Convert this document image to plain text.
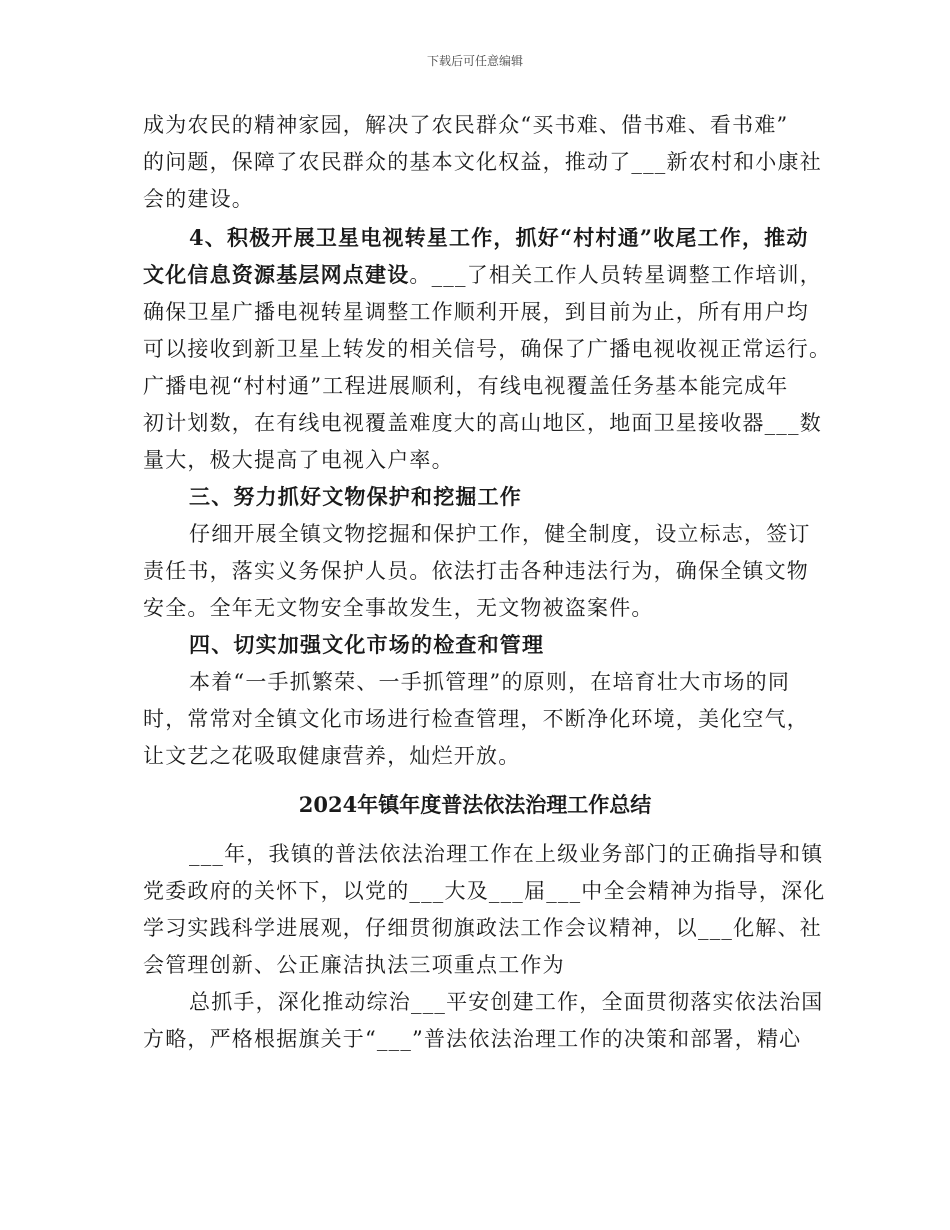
下载后可任意编辑
成为农民的精神家园，解决了农民群众“买书难、借书难、看书难”
的问题，保障了农民群众的基本文化权益，推动了___新农村和小康社
会的建设。
4、积极开展卫星电视转星工作，抓好“村村通”收尾工作，推动
文化信息资源基层网点建设。___了相关工作人员转星调整工作培训，
确保卫星广播电视转星调整工作顺利开展，到目前为止，所有用户均
可以接收到新卫星上转发的相关信号，确保了广播电视收视正常运行。
广播电视“村村通”工程进展顺利，有线电视覆盖任务基本能完成年
初计划数，在有线电视覆盖难度大的高山地区，地面卫星接收器___数
量大，极大提高了电视入户率。
三、努力抓好文物保护和挖掘工作
仔细开展全镇文物挖掘和保护工作，健全制度，设立标志，签订
责任书，落实义务保护人员。依法打击各种违法行为，确保全镇文物
安全。全年无文物安全事故发生，无文物被盗案件。
四、切实加强文化市场的检查和管理
本着“一手抓繁荣、一手抓管理”的原则，在培育壮大市场的同
时，常常对全镇文化市场进行检查管理，不断净化环境，美化空气，
让文艺之花吸取健康营养，灿烂开放。
2024年镇年度普法依法治理工作总结
___年，我镇的普法依法治理工作在上级业务部门的正确指导和镇
党委政府的关怀下，以党的___大及___届___中全会精神为指导，深化
学习实践科学进展观，仔细贯彻旗政法工作会议精神，以___化解、社
会管理创新、公正廉洁执法三项重点工作为
总抓手，深化推动综治___平安创建工作，全面贯彻落实依法治国
方略，严格根据旗关于“___”普法依法治理工作的决策和部署，精心
